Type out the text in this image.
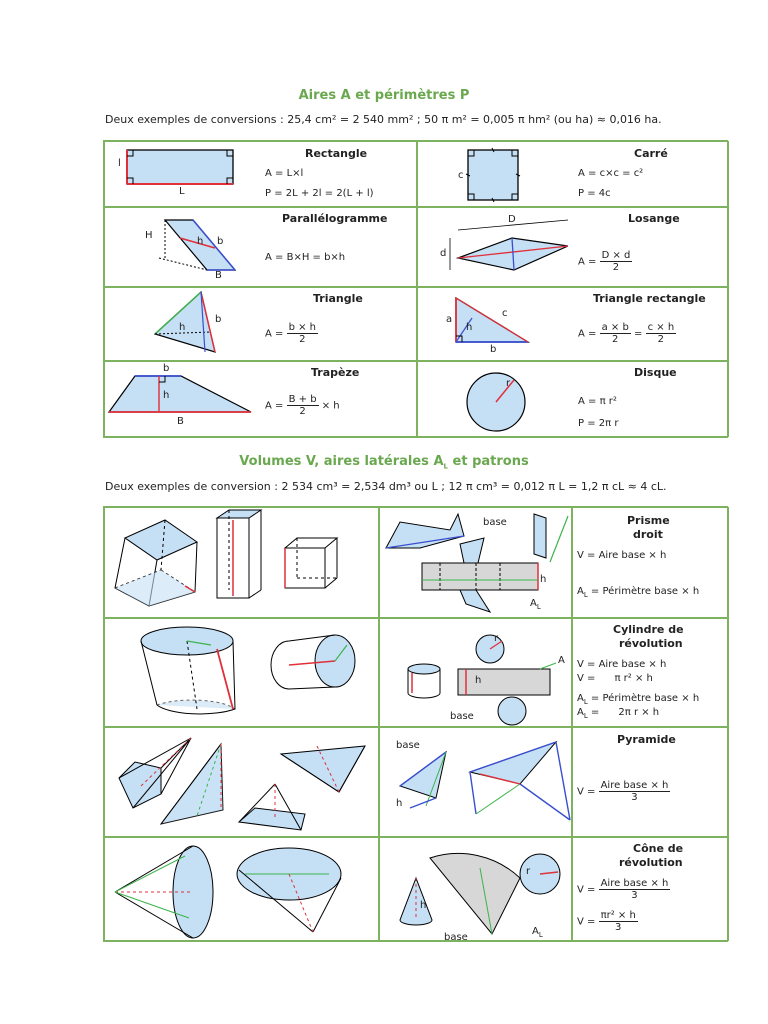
Aires A et périmètres P
Deux exemples de conversions : 25,4 cm² = 2 540 mm² ; 50 π m² = 0,005 π hm² (ou ha) ≈ 0,016 ha.
l
L
Rectangle
A = L×l
P = 2L + 2l = 2(L + l)
c
Carré
A = c×c = c²
P = 4c
H
h b
B
Parallélogramme
A = B×H = b×h
D
d
Losange
$A = \frac{D \times d}{2}$
h
b
Triangle
$A = \frac{b \times h}{2}$
a
h
c
b
Triangle rectangle
$A = \frac{a \times b}{2} = \frac{c \times h}{2}$
b
h
B
Trapèze
$A = \frac{B + b}{2} \times h$
r
Disque
A = π r²
P = 2π r
Volumes V, aires latérales $A_L$ et patrons
Deux exemples de conversion : 2 534 cm³ = 2,534 dm³ ou L ; 12 π cm³ = 0,012 π L = 1,2 π cL ≈ 4 cL.
base
h
$A_L$
Prisme
droit
V = Aire base × h
$A_L$ = Périmètre base × h
r
h
A
base
Cylindre de
révolution
V = Aire base × h
V =      π r² × h
$A_L$ = Périmètre base × h
$A_L$ =      2π r × h
base
h
Pyramide
$V = \frac{\text{Aire base × h}}{3}$
r
h
base
$A_L$
Cône de
révolution
$V = \frac{\text{Aire base × h}}{3}$
$V = \frac{\text{πr² × h}}{3}$
